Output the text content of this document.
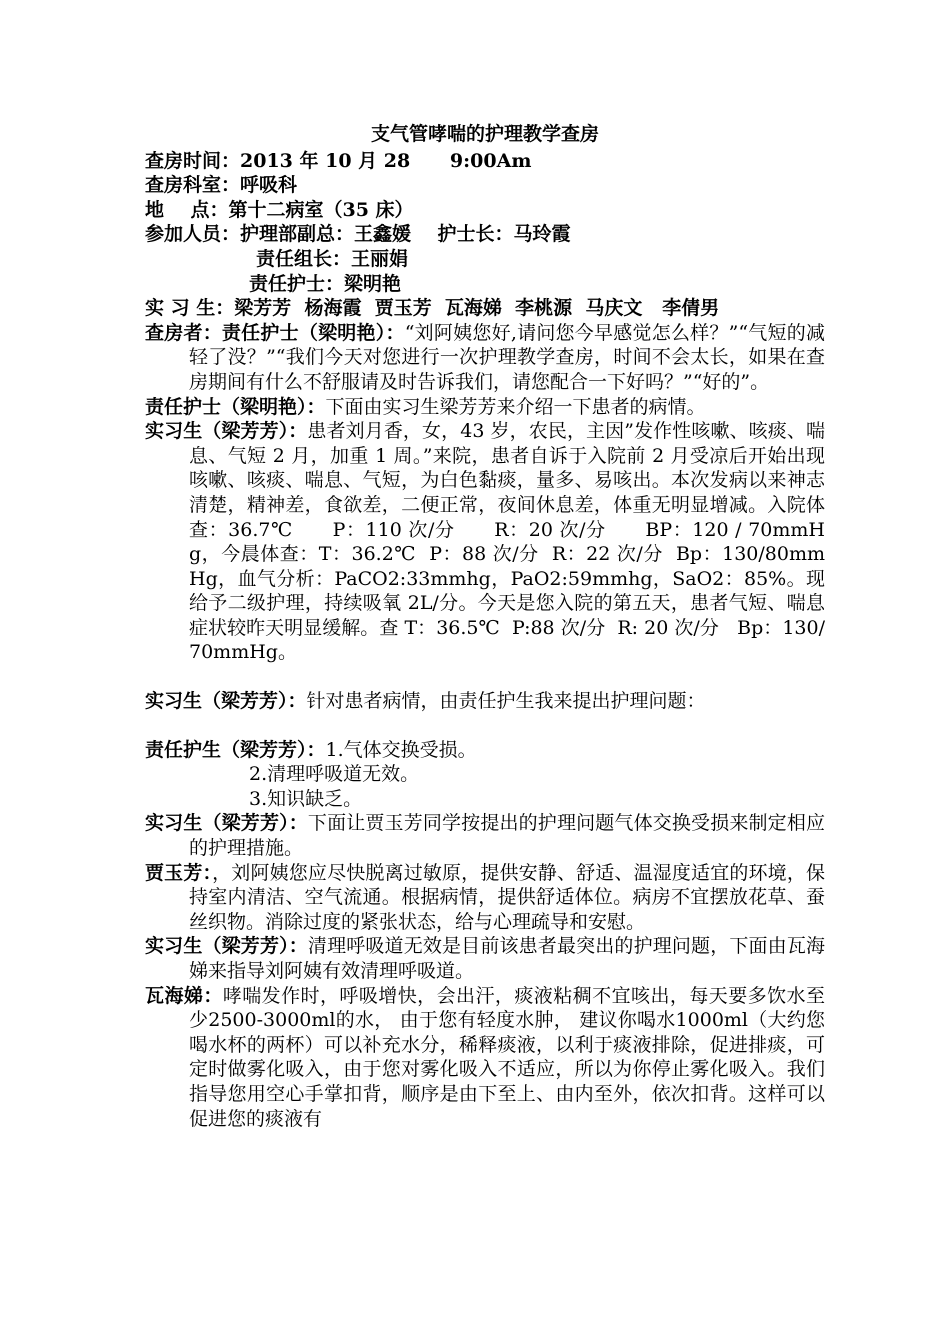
支气管哮喘的护理教学查房
查房时间：2013 年 10 月 28      9:00Am
查房科室：呼吸科
地    点：第十二病室（35 床）
参加人员：护理部副总：王鑫媛    护士长：马玲霞
责任组长：王丽娟
责任护士：梁明艳
实 习 生：梁芳芳  杨海霞  贾玉芳  瓦海娣  李桃源  马庆文   李倩男
查房者：责任护士（梁明艳）：“刘阿姨您好,请问您今早感觉怎么样？”“气短的减轻了没？”“我们今天对您进行一次护理教学查房，时间不会太长，如果在查房期间有什么不舒服请及时告诉我们，请您配合一下好吗？”“好的”。
责任护士（梁明艳）：下面由实习生梁芳芳来介绍一下患者的病情。
实习生（梁芳芳）：患者刘月香，女，43 岁，农民，主因”发作性咳嗽、咳痰、喘息、气短 2 月，加重 1 周。”来院，患者自诉于入院前 2 月受凉后开始出现咳嗽、咳痰、喘息、气短，为白色黏痰，量多、易咳出。本次发病以来神志清楚，精神差，食欲差，二便正常，夜间休息差，体重无明显增减。入院体查：36.7℃      P：110 次/分      R：20 次/分      BP：120 / 70mmHg，今晨体查：T：36.2℃  P：88 次/分  R：22 次/分  Bp：130/80mmHg，血气分析：PaCO2:33mmhg，PaO2:59mmhg，SaO2：85%。现给予二级护理，持续吸氧 2L/分。今天是您入院的第五天，患者气短、喘息症状较昨天明显缓解。查 T：36.5℃  P:88 次/分  R: 20 次/分   Bp：130/70mmHg。
实习生（梁芳芳）：针对患者病情，由责任护生我来提出护理问题：
责任护生（梁芳芳）：1.气体交换受损。
2.清理呼吸道无效。
3.知识缺乏。
实习生（梁芳芳）：下面让贾玉芳同学按提出的护理问题气体交换受损来制定相应的护理措施。
贾玉芳：，刘阿姨您应尽快脱离过敏原，提供安静、舒适、温湿度适宜的环境，保持室内清洁、空气流通。根据病情，提供舒适体位。病房不宜摆放花草、蚕丝织物。消除过度的紧张状态，给与心理疏导和安慰。
实习生（梁芳芳）：清理呼吸道无效是目前该患者最突出的护理问题，下面由瓦海娣来指导刘阿姨有效清理呼吸道。
瓦海娣：哮喘发作时，呼吸增快，会出汗，痰液粘稠不宜咳出，每天要多饮水至少2500-3000ml的水， 由于您有轻度水肿， 建议你喝水1000ml（大约您喝水杯的两杯）可以补充水分，稀释痰液，以利于痰液排除，促进排痰，可定时做雾化吸入，由于您对雾化吸入不适应，所以为你停止雾化吸入。我们指导您用空心手掌扣背，顺序是由下至上、由内至外，依次扣背。这样可以促进您的痰液有
